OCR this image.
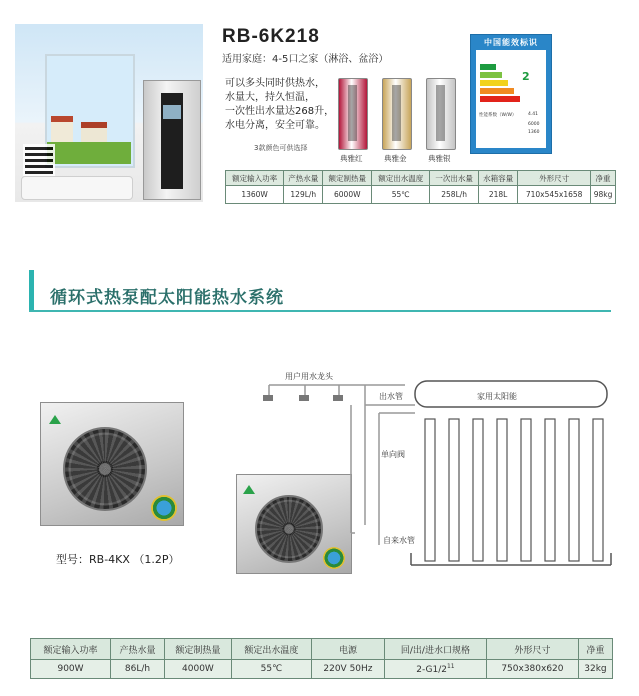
RB-6K218
适用家庭：4-5口之家（淋浴、盆浴）
可以多头同时供热水，
水量大，持久恒温，
一次性出水量达268升，
水电分离，安全可靠。
3款颜色可供选择
典雅红	典雅金	典雅银
中国能效标识
2
性能系数（W/W）	4.41
6000
1360
额定输入功率	产热水量	额定制热量	额定出水温度	一次出水量	水箱容量	外形尺寸	净重
1360W	129L/h	6000W	55℃	258L/h	218L	710x545x1658	98kg
循环式热泵配太阳能热水系统
型号：RB-4KX （1.2P）
用户用水龙头
出水管	家用太阳能
单向阀
自来水管
额定输入功率	产热水量	额定制热量	额定出水温度	电源	回/出/进水口规格	外形尺寸	净重
900W	86L/h	4000W	55℃	220V 50Hz	$2-G1/2^{11}$	750x380x620	32kg
